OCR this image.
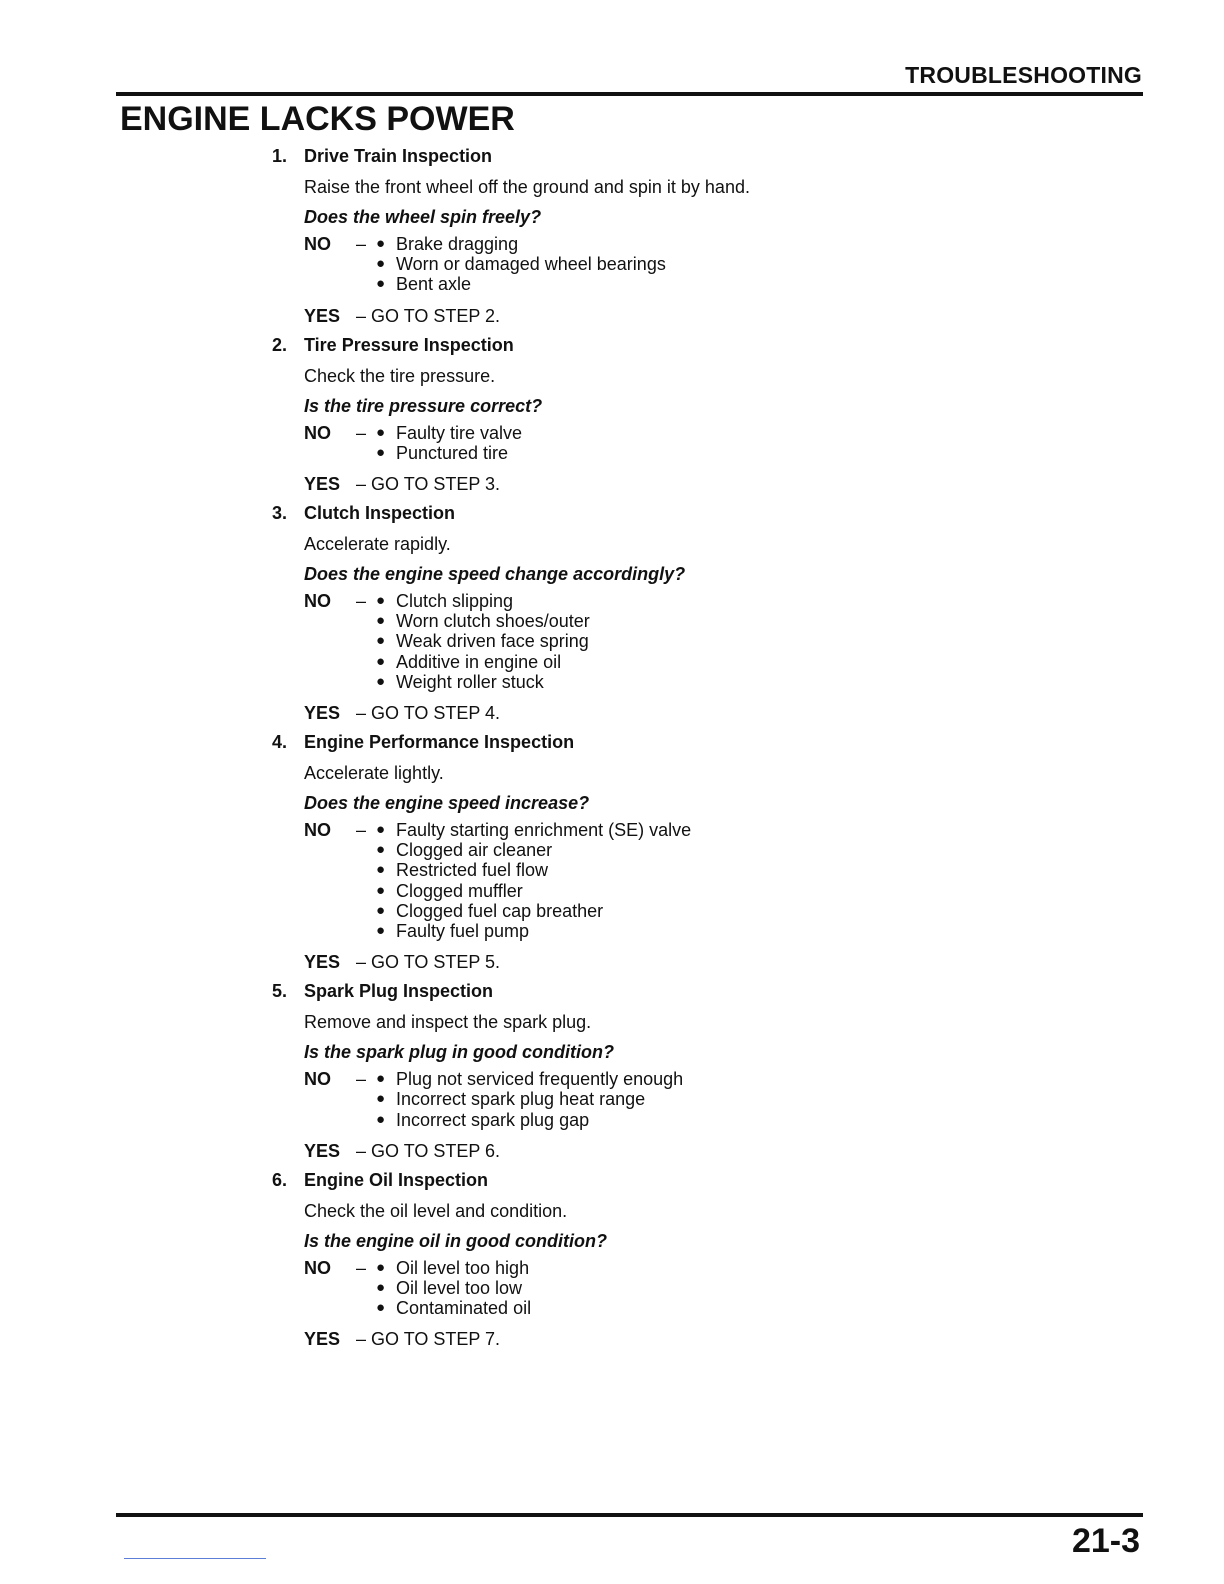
TROUBLESHOOTING
ENGINE LACKS POWER
1. Drive Train Inspection
Raise the front wheel off the ground and spin it by hand.
Does the wheel spin freely?
NO	– ● Brake dragging
● Worn or damaged wheel bearings
● Bent axle
YES – GO TO STEP 2.
2. Tire Pressure Inspection
Check the tire pressure.
Is the tire pressure correct?
NO	– ● Faulty tire valve
● Punctured tire
YES – GO TO STEP 3.
3. Clutch Inspection
Accelerate rapidly.
Does the engine speed change accordingly?
NO	– ● Clutch slipping
● Worn clutch shoes/outer
● Weak driven face spring
● Additive in engine oil
● Weight roller stuck
YES – GO TO STEP 4.
4. Engine Performance Inspection
Accelerate lightly.
Does the engine speed increase?
NO	– ● Faulty starting enrichment (SE) valve
● Clogged air cleaner
● Restricted fuel flow
● Clogged muffler
● Clogged fuel cap breather
● Faulty fuel pump
YES – GO TO STEP 5.
5. Spark Plug Inspection
Remove and inspect the spark plug.
Is the spark plug in good condition?
NO	– ● Plug not serviced frequently enough
● Incorrect spark plug heat range
● Incorrect spark plug gap
YES – GO TO STEP 6.
6. Engine Oil Inspection
Check the oil level and condition.
Is the engine oil in good condition?
NO	– ● Oil level too high
● Oil level too low
● Contaminated oil
YES – GO TO STEP 7.
21-3
